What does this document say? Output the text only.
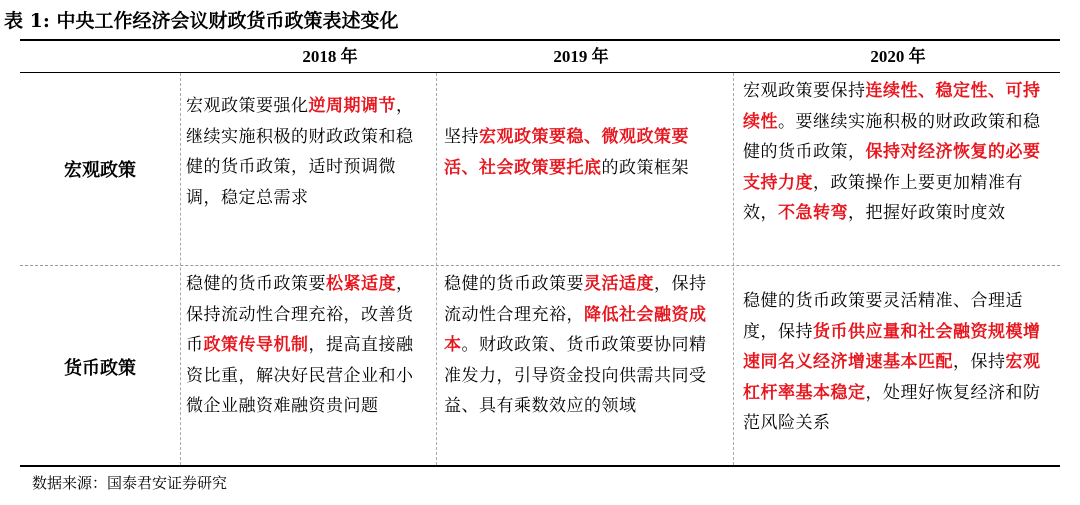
表 1: 中央工作经济会议财政货币政策表述变化
2018 年	2019 年	2020 年
宏观政策
宏观政策要强化逆周期调节，继续实施积极的财政政策和稳健的货币政策，适时预调微调，稳定总需求
坚持宏观政策要稳、微观政策要活、社会政策要托底的政策框架
宏观政策要保持连续性、稳定性、可持续性。要继续实施积极的财政政策和稳健的货币政策，保持对经济恢复的必要支持力度，政策操作上要更加精准有效，不急转弯，把握好政策时度效
货币政策
稳健的货币政策要松紧适度，保持流动性合理充裕，改善货币政策传导机制，提高直接融资比重，解决好民营企业和小微企业融资难融资贵问题
稳健的货币政策要灵活适度，保持流动性合理充裕，降低社会融资成本。财政政策、货币政策要协同精准发力，引导资金投向供需共同受益、具有乘数效应的领域
稳健的货币政策要灵活精准、合理适度，保持货币供应量和社会融资规模增速同名义经济增速基本匹配，保持宏观杠杆率基本稳定，处理好恢复经济和防范风险关系
数据来源：国泰君安证券研究
